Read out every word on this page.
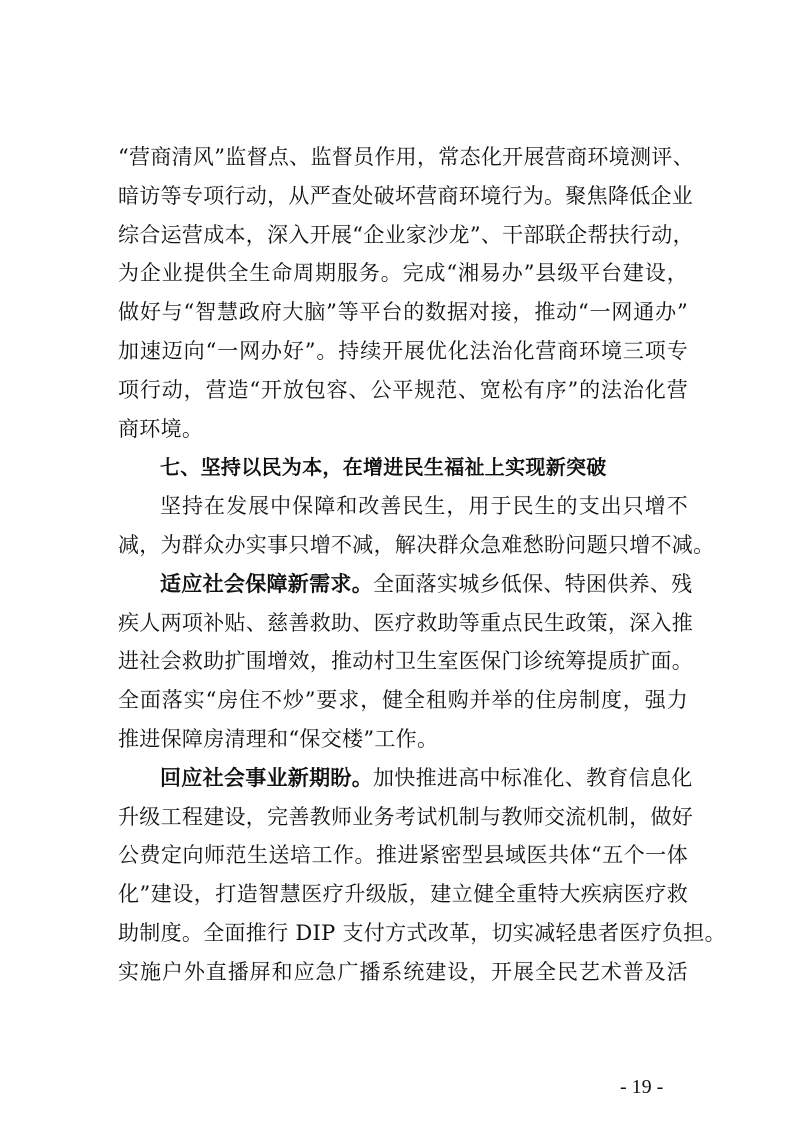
“营商清风”监督点、监督员作用，常态化开展营商环境测评、
暗访等专项行动，从严查处破坏营商环境行为。聚焦降低企业
综合运营成本，深入开展“企业家沙龙”、干部联企帮扶行动，
为企业提供全生命周期服务。完成“湘易办”县级平台建设，
做好与“智慧政府大脑”等平台的数据对接，推动“一网通办”
加速迈向“一网办好”。持续开展优化法治化营商环境三项专
项行动，营造“开放包容、公平规范、宽松有序”的法治化营
商环境。
七、坚持以民为本，在增进民生福祉上实现新突破
坚持在发展中保障和改善民生，用于民生的支出只增不
减，为群众办实事只增不减，解决群众急难愁盼问题只增不减。
适应社会保障新需求。全面落实城乡低保、特困供养、残
疾人两项补贴、慈善救助、医疗救助等重点民生政策，深入推
进社会救助扩围增效，推动村卫生室医保门诊统筹提质扩面。
全面落实“房住不炒”要求，健全租购并举的住房制度，强力
推进保障房清理和“保交楼”工作。
回应社会事业新期盼。加快推进高中标准化、教育信息化
升级工程建设，完善教师业务考试机制与教师交流机制，做好
公费定向师范生送培工作。推进紧密型县域医共体“五个一体
化”建设，打造智慧医疗升级版，建立健全重特大疾病医疗救
助制度。全面推行 DIP 支付方式改革，切实减轻患者医疗负担。
实施户外直播屏和应急广播系统建设，开展全民艺术普及活
- 19 -
